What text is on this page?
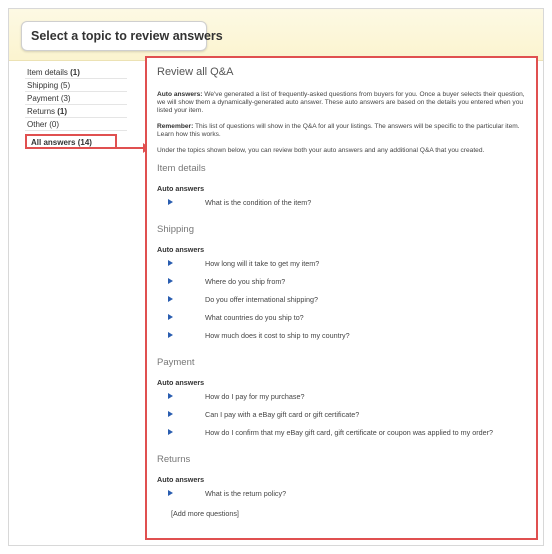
Select a topic to review answers
Item details (1)
Shipping (5)
Payment (3)
Returns (1)
Other (0)
All answers (14)
Review all Q&A

Auto answers: We've generated a list of frequently-asked questions from buyers for you. Once a buyer selects their question, we will show them a dynamically-generated auto answer. These auto answers are based on the details you entered when you listed your item.

Remember: This list of questions will show in the Q&A for all your listings. The answers will be specific to the particular item. Learn how this works.

Under the topics shown below, you can review both your auto answers and any additional Q&A that you created.

Item details
Auto answers
What is the condition of the item?
Shipping
Auto answers
How long will it take to get my item?
Where do you ship from?
Do you offer international shipping?
What countries do you ship to?
How much does it cost to ship to my country?
Payment
Auto answers
How do I pay for my purchase?
Can I pay with a eBay gift card or gift certificate?
How do I confirm that my eBay gift card, gift certificate or coupon was applied to my order?
Returns
Auto answers
What is the return policy?
[Add more questions]
